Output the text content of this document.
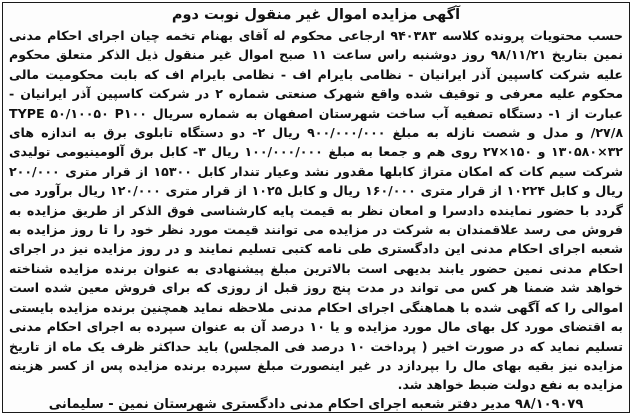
آگهی مزایده اموال غیر منقول نوبت دوم

حسب محتویات پرونده کلاسه ۹۴۰۳۸۳ ارجاعی محکوم له آقای بهنام تخمه چیان اجرای احکام مدنی نمین بتاریخ ۹۸/۱۱/۲۱ روز دوشنبه راس ساعت ۱۱ صبح اموال غیر منقول ذیل الذکر متعلق محکوم علیه شرکت کاسپین آذر ایرانیان - نظامی بایرام اف - نظامی بایرام اف که بابت محکومیت مالی محکوم علیه معرفی و توقیف شده واقع شهرک صنعتی شماره ۲ در شرکت کاسپین آذر ایرانیان - عبارت از ۱- دستگاه تصفیه آب ساخت شهرستان اصفهان به شماره سریال TYPE ۵۰/۱۰۰۵۰ P۱۰۰ ۲۷/۸/ و مدل و شصت نازله به مبلغ ۹۰۰/۰۰۰/۰۰۰ ریال ۲- دو دستگاه تابلوی برق به اندازه های ۳۲×۱۳۰۵۸۰ و ۱۵۰×۲۷ روی هم و جمعا به مبلغ ۱۰۰/۰۰۰/۰۰۰ ریال ۳- کابل برق آلومینیومی تولیدی شرکت سیم کات که امکان متراژ کابلها مقدور نشد وعیار تندار کابل ۱۵۳۰۰ از قرار متری ۲۰۰/۰۰۰ ریال و کابل ۱۰۲۲۴ از قرار متری ۱۶۰/۰۰۰ ریال و کابل ۱۰۲۵ از قرار متری ۱۲۰/۰۰۰ ریال برآورد می گردد با حضور نماینده دادسرا و امعان نظر به قیمت پایه کارشناسی فوق الذکر از طریق مزایده به فروش می رسد علاقمندان به شرکت در مزایده می توانند قیمت مورد نظر خود را تا روز مزایده به شعبه اجرای احکام مدنی این دادگستری طی نامه کتبی تسلیم نمایند و در روز مزایده نیز در اجرای احکام مدنی نمین حضور یابند بدیهی است بالاترین مبلغ پیشنهادی به عنوان برنده مزایده شناخته خواهد شد ضمنا هر کس می تواند در مدت پنج روز قبل از روزی که برای فروش معین شده است اموالی را که آگهی شده با هماهنگی اجرای احکام مدنی ملاحظه نماید همچنین برنده مزایده بایستی به اقتضای مورد کل بهای مال مورد مزایده و یا ۱۰ درصد آن به عنوان سپرده به اجرای احکام مدنی تسلیم نماید که در صورت اخیر ( پرداخت ۱۰ درصد فی المجلس) باید حداکثر ظرف یک ماه از تاریخ مزایده نیز بقیه بهای مال را بپردازد در غیر اینصورت مبلغ سپرده برنده مزایده پس از کسر هزینه مزایده به نفع دولت ضبط خواهد شد.

۹۸/۱۰۹۰۷۹ مدیر دفتر شعبه اجرای احکام مدنی دادگستری شهرستان نمین - سلیمانی
